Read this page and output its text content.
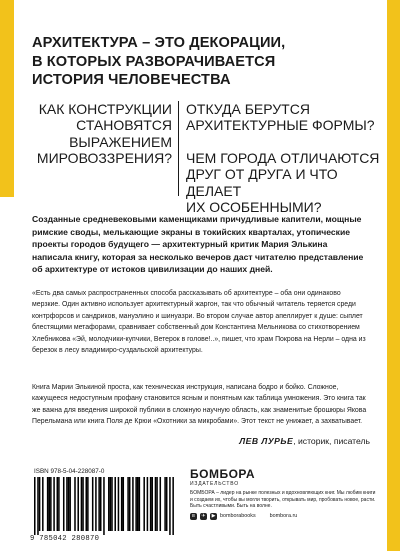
АРХИТЕКТУРА – ЭТО ДЕКОРАЦИИ,
В КОТОРЫХ РАЗВОРАЧИВАЕТСЯ
ИСТОРИЯ ЧЕЛОВЕЧЕСТВА
КАК КОНСТРУКЦИИ
СТАНОВЯТСЯ
ВЫРАЖЕНИЕМ
МИРОВОЗЗРЕНИЯ?
ОТКУДА БЕРУТСЯ
АРХИТЕКТУРНЫЕ ФОРМЫ?
ЧЕМ ГОРОДА ОТЛИЧАЮТСЯ
ДРУГ ОТ ДРУГА И ЧТО ДЕЛАЕТ
ИХ ОСОБЕННЫМИ?
Созданные средневековыми каменщиками причудливые капители, мощные римские своды, мелькающие экраны в токийских кварталах, утопические проекты городов будущего — архитектурный критик Мария Элькина написала книгу, которая за несколько вечеров даст читателю представление об архитектуре от истоков цивилизации до наших дней.
«Есть два самых распространенных способа рассказывать об архитектуре – оба они одинаково мерзкие. Один активно использует архитектурный жаргон, так что обычный читатель теряется среди контрфорсов и сандриков, мануэлино и шинуазри. Во втором случае автор апеллирует к душе: сыплет блестящими метафорами, сравнивает собственный дом Константина Мельникова со стихотворением Хлебникова «Эй, молодчики-купчики, Ветерок в голове!..», пишет, что храм Покрова на Нерли – одна из березок в лесу владимиро-суздальской архитектуры.
Книга Марии Элькиной проста, как техническая инструкция, написана бодро и бойко. Сложное, кажущееся недоступным профану становится ясным и понятным как таблица умножения. Это книга так же важна для введения широкой публики в сложную научную область, как знаменитые брошюры Якова Перельмана или книга Поля де Крюи «Охотники за микробами». Этот текст не унижает, а захватывает.
ЛЕВ ЛУРЬЕ, историк, писатель
ISBN 978-5-04-228087-0
9 785042 280870
БОМБОРА
ИЗДАТЕЛЬСТВО
БОМБОРА – лидер на рынке полезных и вдохновляющих книг. Мы любим книги и создаем их, чтобы вы могли творить, открывать мир, пробовать новое, расти. Быть счастливыми. Быть на волне.
в	✈	▶ bomborabooks	bombora.ru
